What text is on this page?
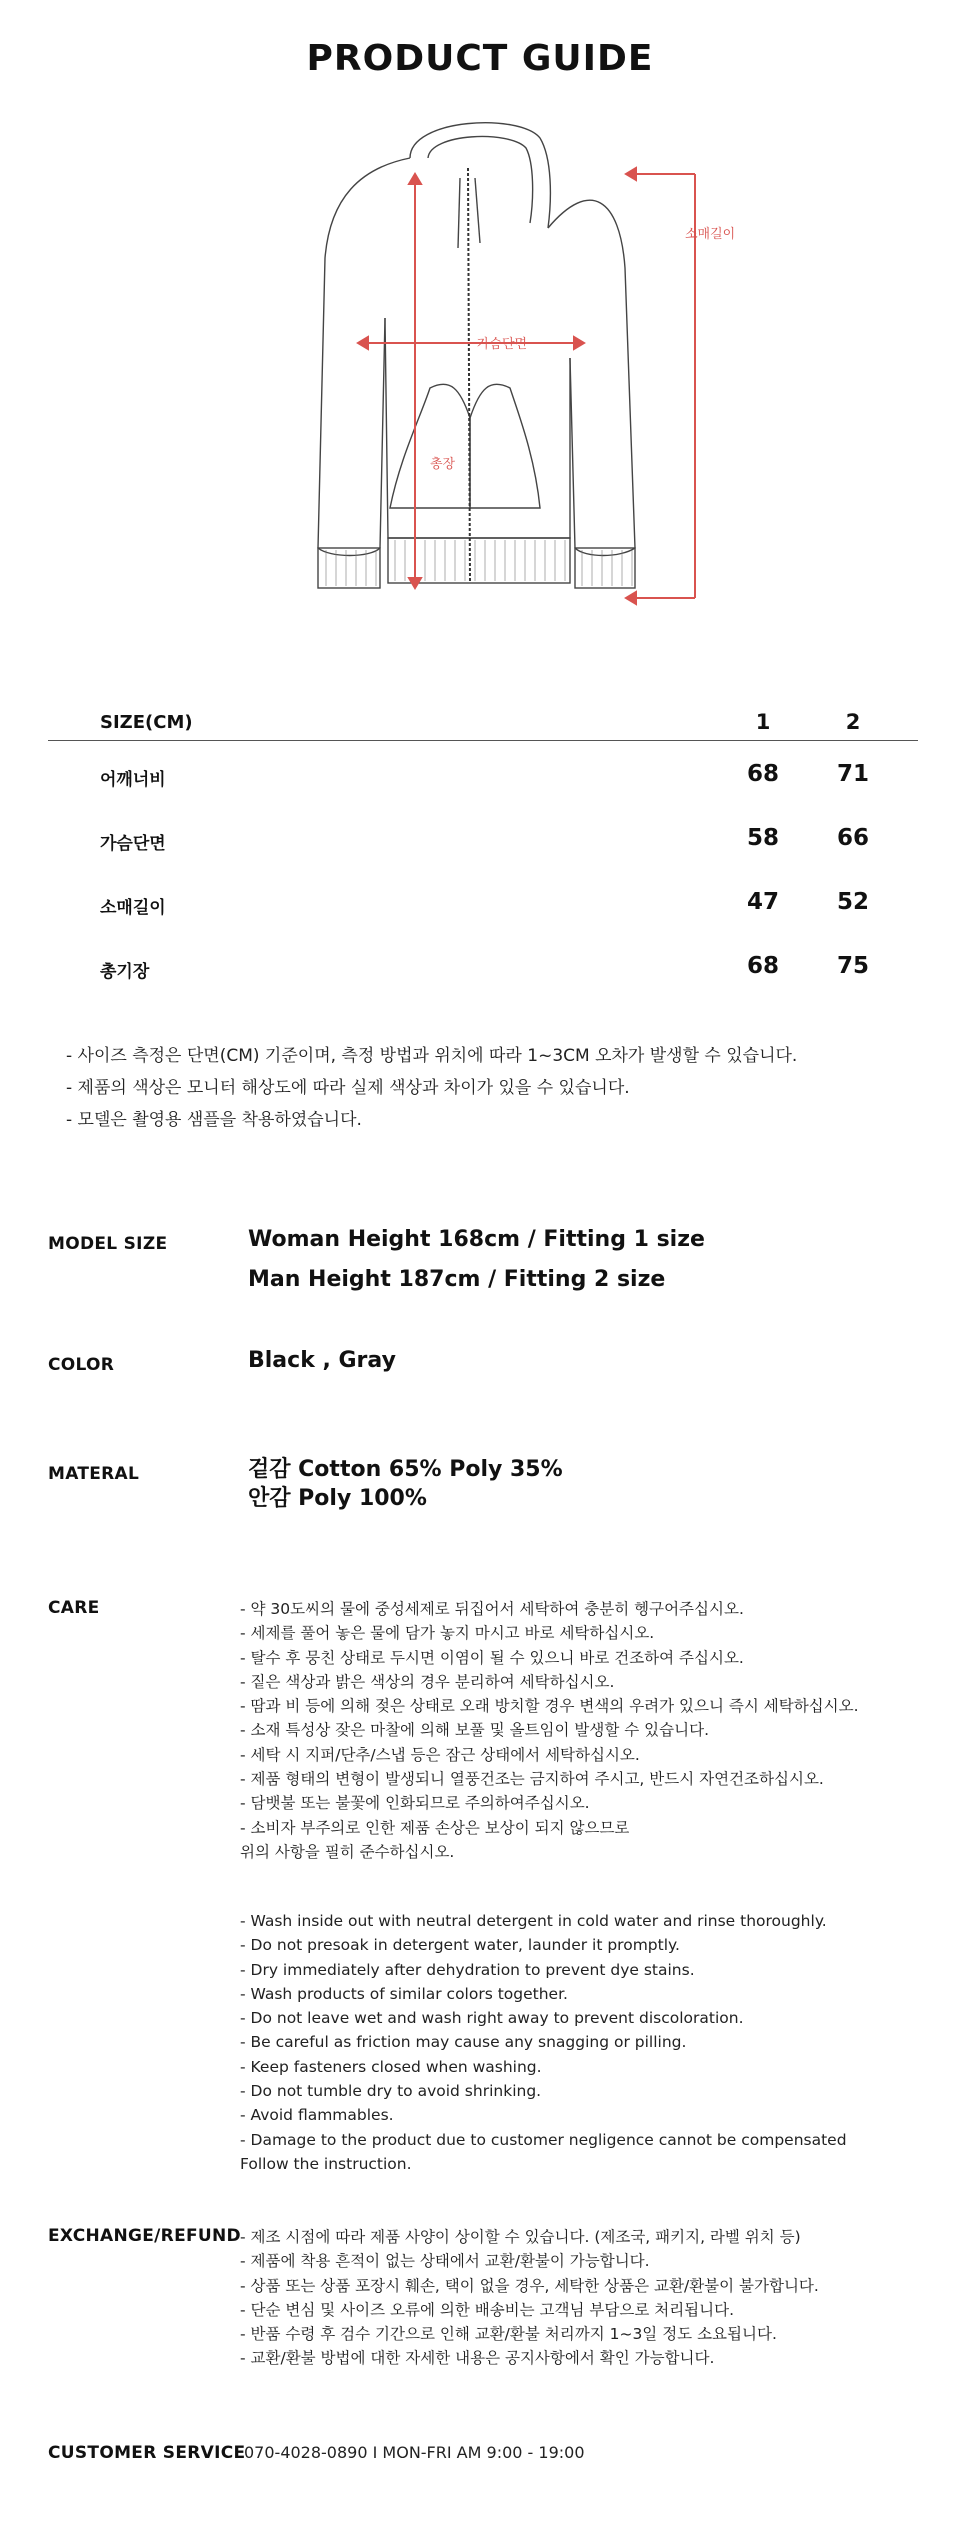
PRODUCT GUIDE
가슴단면
총장
소매길이
SIZE(CM)	1	2
어깨너비	68	71
가슴단면	58	66
소매길이	47	52
총기장	68	75
- 사이즈 측정은 단면(CM) 기준이며, 측정 방법과 위치에 따라 1~3CM 오차가 발생할 수 있습니다.
- 제품의 색상은 모니터 해상도에 따라 실제 색상과 차이가 있을 수 있습니다.
- 모델은 촬영용 샘플을 착용하였습니다.
MODEL SIZE	Woman Height 168cm / Fitting 1 size
Man Height 187cm / Fitting 2 size
COLOR	Black , Gray
MATERAL	겉감 Cotton 65% Poly 35%
안감 Poly 100%
CARE	- 약 30도씨의 물에 중성세제로 뒤집어서 세탁하여 충분히 헹구어주십시오.
- 세제를 풀어 놓은 물에 담가 놓지 마시고 바로 세탁하십시오.
- 탈수 후 뭉친 상태로 두시면 이염이 될 수 있으니 바로 건조하여 주십시오.
- 짙은 색상과 밝은 색상의 경우 분리하여 세탁하십시오.
- 땀과 비 등에 의해 젖은 상태로 오래 방치할 경우 변색의 우려가 있으니 즉시 세탁하십시오.
- 소재 특성상 잦은 마찰에 의해 보풀 및 올트임이 발생할 수 있습니다.
- 세탁 시 지퍼/단추/스냅 등은 잠근 상태에서 세탁하십시오.
- 제품 형태의 변형이 발생되니 열풍건조는 금지하여 주시고, 반드시 자연건조하십시오.
- 담뱃불 또는 불꽃에 인화되므로 주의하여주십시오.
- 소비자 부주의로 인한 제품 손상은 보상이 되지 않으므로
위의 사항을 필히 준수하십시오.
- Wash inside out with neutral detergent in cold water and rinse thoroughly.
- Do not presoak in detergent water, launder it promptly.
- Dry immediately after dehydration to prevent dye stains.
- Wash products of similar colors together.
- Do not leave wet and wash right away to prevent discoloration.
- Be careful as friction may cause any snagging or pilling.
- Keep fasteners closed when washing.
- Do not tumble dry to avoid shrinking.
- Avoid flammables.
- Damage to the product due to customer negligence cannot be compensated
Follow the instruction.
EXCHANGE/REFUND - 제조 시점에 따라 제품 사양이 상이할 수 있습니다. (제조국, 패키지, 라벨 위치 등)
- 제품에 착용 흔적이 없는 상태에서 교환/환불이 가능합니다.
- 상품 또는 상품 포장시 훼손, 택이 없을 경우, 세탁한 상품은 교환/환불이 불가합니다.
- 단순 변심 및 사이즈 오류에 의한 배송비는 고객님 부담으로 처리됩니다.
- 반품 수령 후 검수 기간으로 인해 교환/환불 처리까지 1~3일 정도 소요됩니다.
- 교환/환불 방법에 대한 자세한 내용은 공지사항에서 확인 가능합니다.
CUSTOMER SERVICE
070-4028-0890 I MON-FRI AM 9:00 - 19:00
